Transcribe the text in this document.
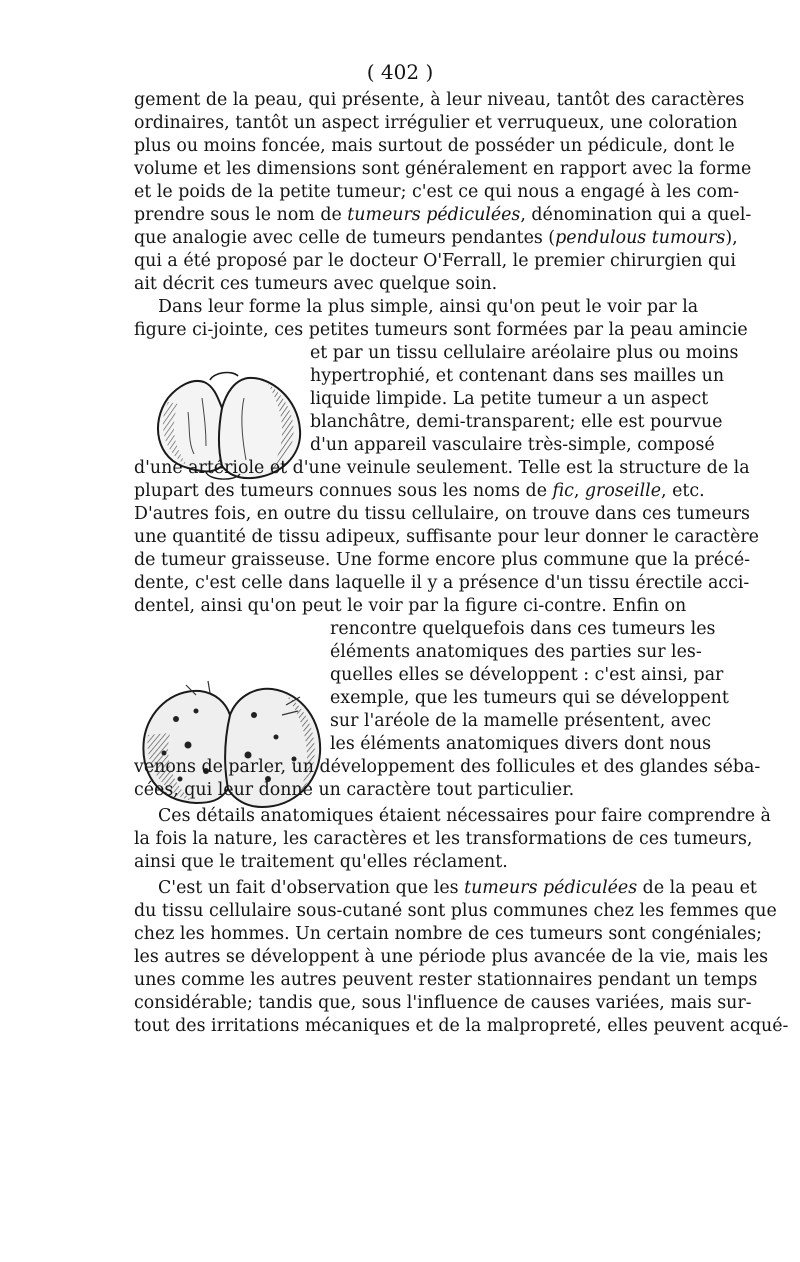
( 402 )
gement de la peau, qui présente, à leur niveau, tantôt des caractères
ordinaires, tantôt un aspect irrégulier et verruqueux, une coloration
plus ou moins foncée, mais surtout de posséder un pédicule, dont le
volume et les dimensions sont généralement en rapport avec la forme
et le poids de la petite tumeur; c'est ce qui nous a engagé à les com-
prendre sous le nom de tumeurs pédiculées, dénomination qui a quel-
que analogie avec celle de tumeurs pendantes (pendulous tumours),
qui a été proposé par le docteur O'Ferrall, le premier chirurgien qui
ait décrit ces tumeurs avec quelque soin.
Dans leur forme la plus simple, ainsi qu'on peut le voir par la
figure ci-jointe, ces petites tumeurs sont formées par la peau amincie
et par un tissu cellulaire aréolaire plus ou moins
hypertrophié, et contenant dans ses mailles un
liquide limpide. La petite tumeur a un aspect
blanchâtre, demi-transparent; elle est pourvue
d'un appareil vasculaire très-simple, composé
d'une artériole et d'une veinule seulement. Telle est la structure de la
plupart des tumeurs connues sous les noms de fic, groseille, etc.
D'autres fois, en outre du tissu cellulaire, on trouve dans ces tumeurs
une quantité de tissu adipeux, suffisante pour leur donner le caractère
de tumeur graisseuse. Une forme encore plus commune que la précé-
dente, c'est celle dans laquelle il y a présence d'un tissu érectile acci-
dentel, ainsi qu'on peut le voir par la figure ci-contre. Enfin on
rencontre quelquefois dans ces tumeurs les
éléments anatomiques des parties sur les-
quelles elles se développent : c'est ainsi, par
exemple, que les tumeurs qui se développent
sur l'aréole de la mamelle présentent, avec
les éléments anatomiques divers dont nous
venons de parler, un développement des follicules et des glandes séba-
cées, qui leur donne un caractère tout particulier.
Ces détails anatomiques étaient nécessaires pour faire comprendre à
la fois la nature, les caractères et les transformations de ces tumeurs,
ainsi que le traitement qu'elles réclament.
C'est un fait d'observation que les tumeurs pédiculées de la peau et
du tissu cellulaire sous-cutané sont plus communes chez les femmes que
chez les hommes. Un certain nombre de ces tumeurs sont congéniales;
les autres se développent à une période plus avancée de la vie, mais les
unes comme les autres peuvent rester stationnaires pendant un temps
considérable; tandis que, sous l'influence de causes variées, mais sur-
tout des irritations mécaniques et de la malpropreté, elles peuvent acqué-
